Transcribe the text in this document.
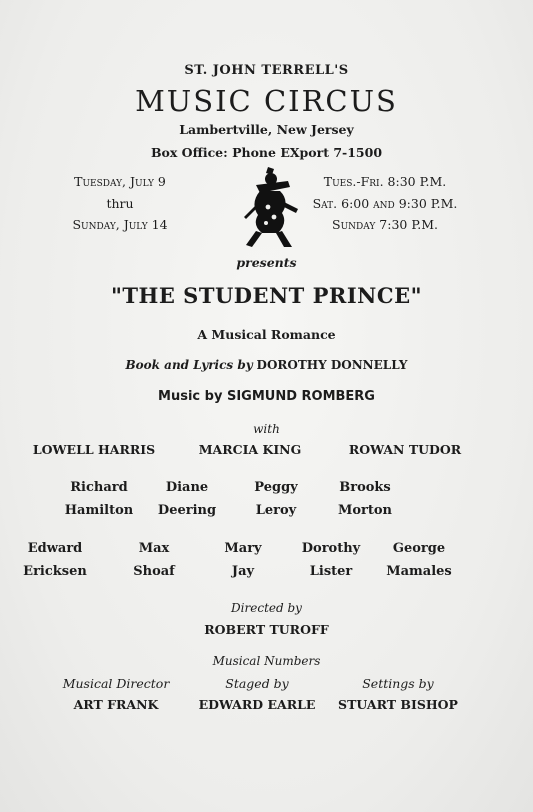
ST. JOHN TERRELL'S
MUSIC CIRCUS
Lambertville, New Jersey
Box Office: Phone EXport 7-1500
Tuesday, July 9
thru
Sunday, July 14
Tues.-Fri. 8:30 P.M.
Sat. 6:00 and 9:30 P.M.
Sunday 7:30 P.M.
presents
"THE STUDENT PRINCE"
A Musical Romance
Book and Lyrics by DOROTHY DONNELLY
Music by SIGMUND ROMBERG
with
LOWELL HARRIS	MARCIA KING	ROWAN TUDOR
Richard
Hamilton
Diane
Deering
Peggy
Leroy
Brooks
Morton
Edward
Ericksen
Max
Shoaf
Mary
Jay
Dorothy
Lister
George
Mamales
Directed by
ROBERT TUROFF
Musical Numbers
Musical Director
ART FRANK
Staged by
EDWARD EARLE
Settings by
STUART BISHOP
